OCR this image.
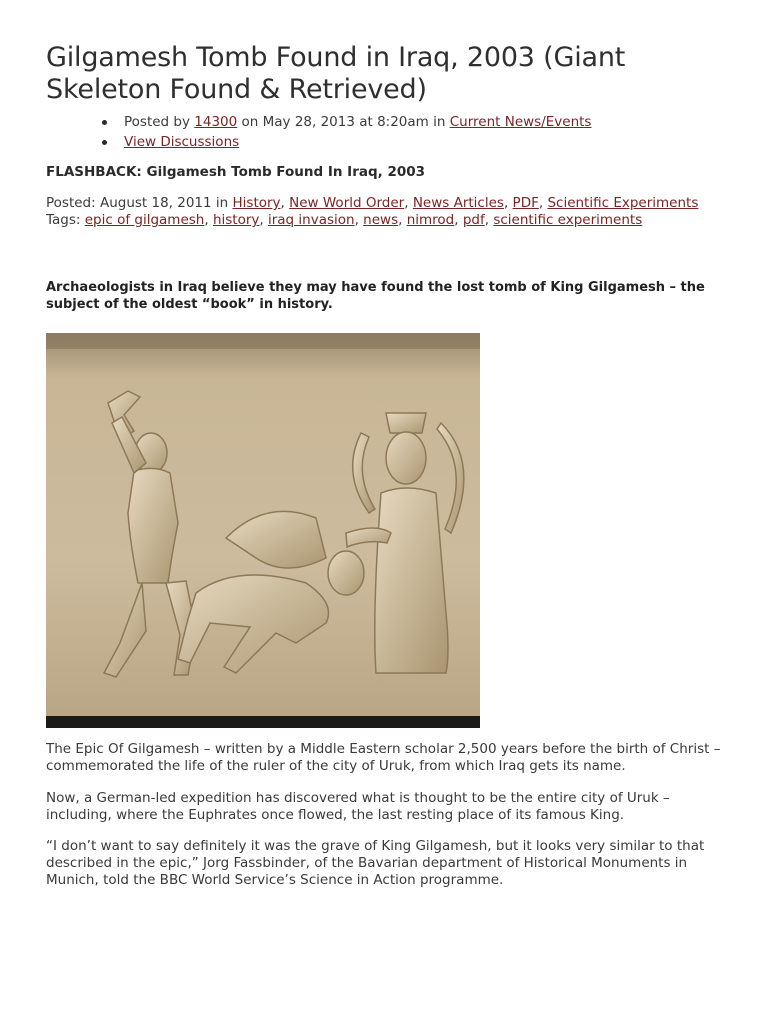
Gilgamesh Tomb Found in Iraq, 2003 (Giant Skeleton Found & Retrieved)
Posted by 14300 on May 28, 2013 at 8:20am in Current News/Events
View Discussions

FLASHBACK: Gilgamesh Tomb Found In Iraq, 2003

Posted: August 18, 2011 in History, New World Order, News Articles, PDF, Scientific Experiments
Tags: epic of gilgamesh, history, iraq invasion, news, nimrod, pdf, scientific experiments

Archaeologists in Iraq believe they may have found the lost tomb of King Gilgamesh – the subject of the oldest “book” in history.

The Epic Of Gilgamesh – written by a Middle Eastern scholar 2,500 years before the birth of Christ – commemorated the life of the ruler of the city of Uruk, from which Iraq gets its name.

Now, a German-led expedition has discovered what is thought to be the entire city of Uruk – including, where the Euphrates once flowed, the last resting place of its famous King.

“I don’t want to say definitely it was the grave of King Gilgamesh, but it looks very similar to that described in the epic,” Jorg Fassbinder, of the Bavarian department of Historical Monuments in Munich, told the BBC World Service’s Science in Action programme.
